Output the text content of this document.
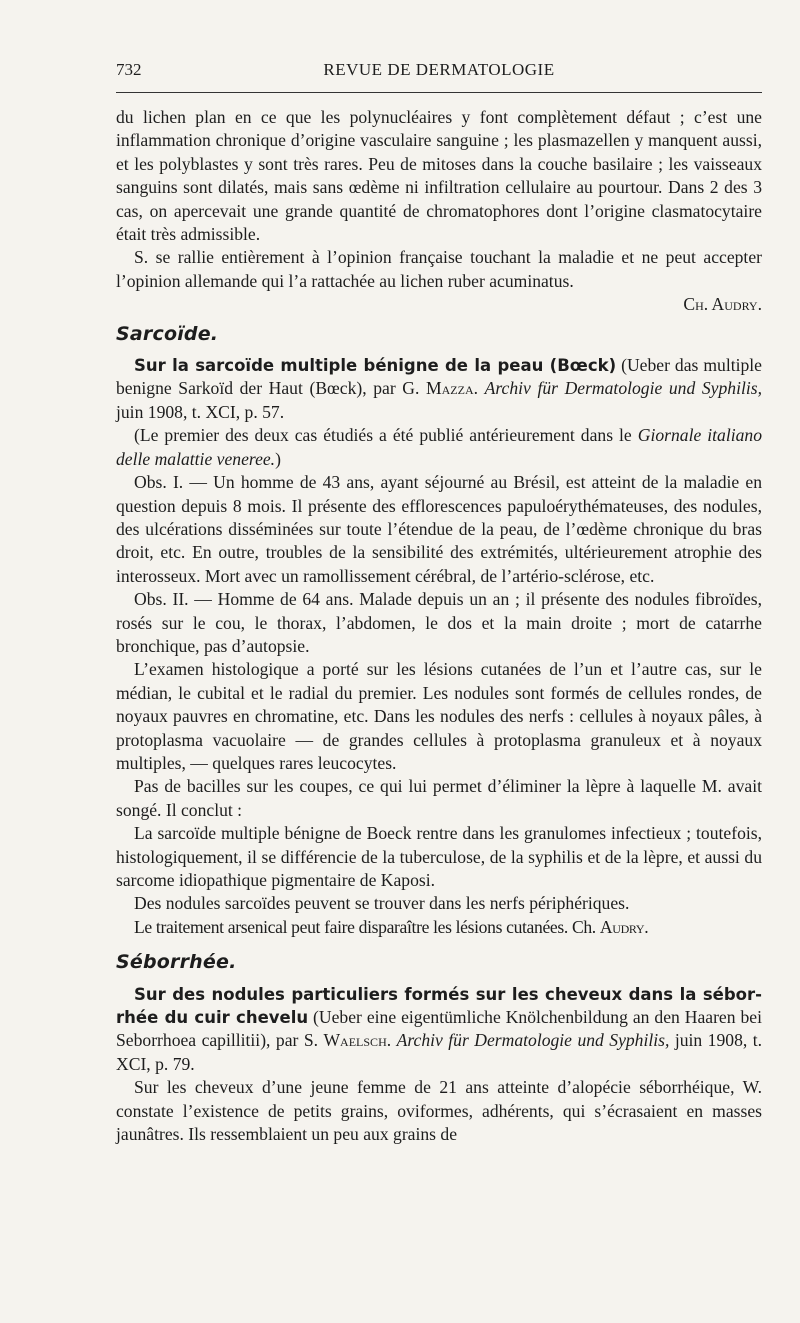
732	REVUE DE DERMATOLOGIE

du lichen plan en ce que les polynucléaires y font complètement défaut ; c’est une inflammation chronique d’origine vasculaire sanguine ; les plasmazellen y manquent aussi, et les polyblastes y sont très rares. Peu de mitoses dans la couche basilaire ; les vaisseaux sanguins sont dilatés, mais sans œdème ni infiltration cellulaire au pourtour. Dans 2 des 3 cas, on apercevait une grande quantité de chromatophores dont l’origine clasmatocytaire était très admissible.

S. se rallie entièrement à l’opinion française touchant la maladie et ne peut accepter l’opinion allemande qui l’a rattachée au lichen ruber acuminatus.

Ch. Audry.
Sarcoïde.

Sur la sarcoïde multiple bénigne de la peau (Bœck) (Ueber das multiple benigne Sarkoïd der Haut (Bœck), par G. Mazza. Archiv für Dermatologie und Syphilis, juin 1908, t. XCI, p. 57.

(Le premier des deux cas étudiés a été publié antérieurement dans le Giornale italiano delle malattie veneree.)

Obs. I. — Un homme de 43 ans, ayant séjourné au Brésil, est atteint de la maladie en question depuis 8 mois. Il présente des efflorescences papuloérythémateuses, des nodules, des ulcérations disséminées sur toute l’étendue de la peau, de l’œdème chronique du bras droit, etc. En outre, troubles de la sensibilité des extrémités, ultérieurement atrophie des interosseux. Mort avec un ramollissement cérébral, de l’artério-sclérose, etc.

Obs. II. — Homme de 64 ans. Malade depuis un an ; il présente des nodules fibroïdes, rosés sur le cou, le thorax, l’abdomen, le dos et la main droite ; mort de catarrhe bronchique, pas d’autopsie.

L’examen histologique a porté sur les lésions cutanées de l’un et l’autre cas, sur le médian, le cubital et le radial du premier. Les nodules sont formés de cellules rondes, de noyaux pauvres en chromatine, etc. Dans les nodules des nerfs : cellules à noyaux pâles, à protoplasma vacuolaire — de grandes cellules à protoplasma granuleux et à noyaux multiples, — quelques rares leucocytes.

Pas de bacilles sur les coupes, ce qui lui permet d’éliminer la lèpre à laquelle M. avait songé. Il conclut :

La sarcoïde multiple bénigne de Boeck rentre dans les granulomes infectieux ; toutefois, histologiquement, il se différencie de la tuberculose, de la syphilis et de la lèpre, et aussi du sarcome idiopathique pigmentaire de Kaposi.

Des nodules sarcoïdes peuvent se trouver dans les nerfs périphériques.

Le traitement arsenical peut faire disparaître les lésions cutanées. Ch. Audry.

Séborrhée.

Sur des nodules particuliers formés sur les cheveux dans la séborrhée du cuir chevelu (Ueber eine eigentümliche Knölchenbildung an den Haaren bei Seborrhoea capillitii), par S. Waelsch. Archiv für Dermatologie und Syphilis, juin 1908, t. XCI, p. 79.

Sur les cheveux d’une jeune femme de 21 ans atteinte d’alopécie séborrhéique, W. constate l’existence de petits grains, oviformes, adhérents, qui s’écrasaient en masses jaunâtres. Ils ressemblaient un peu aux grains de
